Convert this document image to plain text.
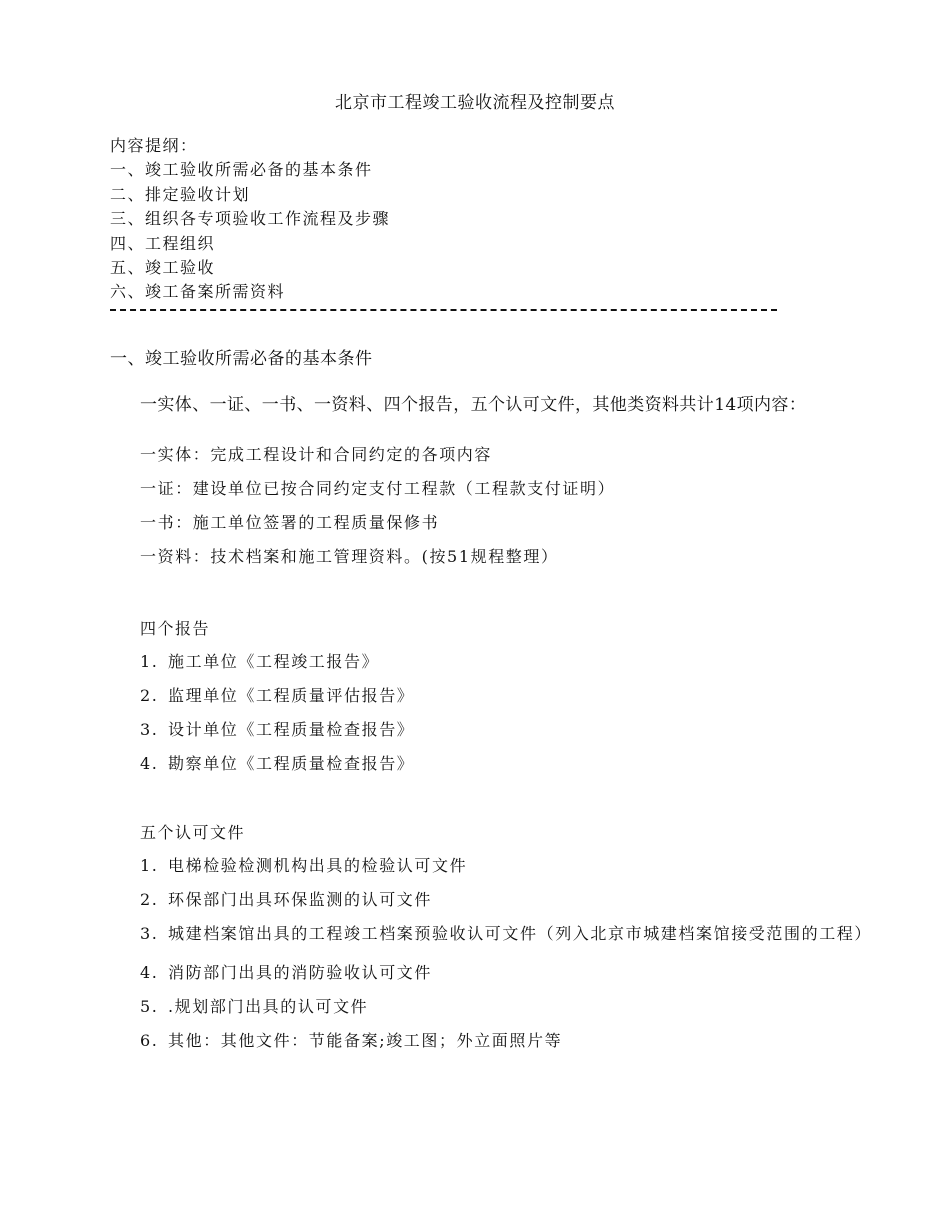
北京市工程竣工验收流程及控制要点
内容提纲：
一、竣工验收所需必备的基本条件
二、排定验收计划
三、组织各专项验收工作流程及步骤
四、工程组织
五、竣工验收
六、竣工备案所需资料
一、竣工验收所需必备的基本条件
一实体、一证、一书、一资料、四个报告，五个认可文件，其他类资料共计14项内容：
一实体：完成工程设计和合同约定的各项内容
一证：建设单位已按合同约定支付工程款（工程款支付证明）
一书：施工单位签署的工程质量保修书
一资料：技术档案和施工管理资料。(按51规程整理）
四个报告
1. 施工单位《工程竣工报告》
2. 监理单位《工程质量评估报告》
3. 设计单位《工程质量检查报告》
4. 勘察单位《工程质量检查报告》
五个认可文件
1. 电梯检验检测机构出具的检验认可文件
2. 环保部门出具环保监测的认可文件
3. 城建档案馆出具的工程竣工档案预验收认可文件（列入北京市城建档案馆接受范围的工程）
4. 消防部门出具的消防验收认可文件
5. .规划部门出具的认可文件
6. 其他：其他文件：节能备案;竣工图；外立面照片等
